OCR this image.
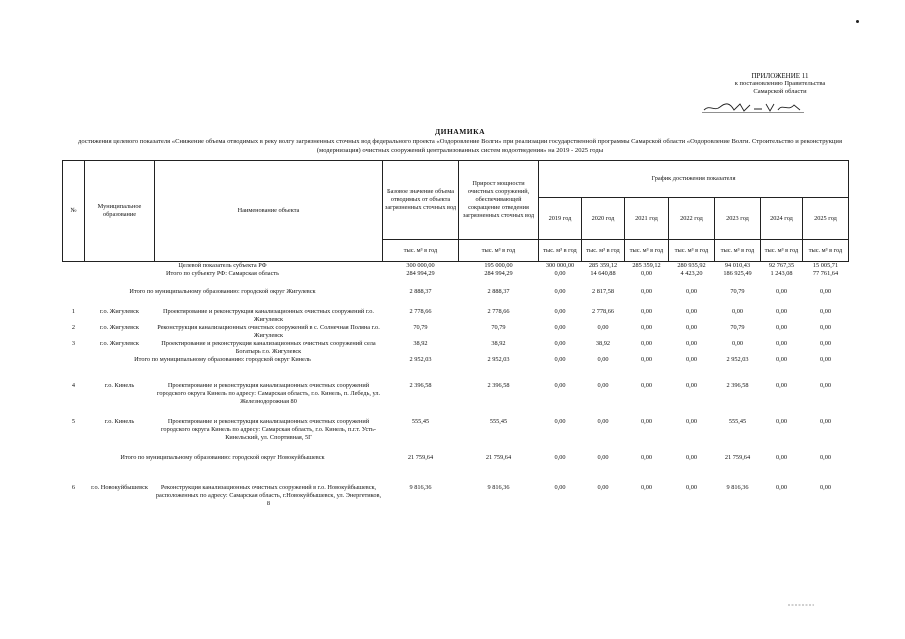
ПРИЛОЖЕНИЕ 11
к постановлению Правительства
Самарской области
ДИНАМИКА
достижения целевого показателя «Снижение объема отводимых в реку волгу загрязненных сточных вод федерального проекта «Оздоровление Волги» при реализации государственной программы Самарской области «Оздоровление Волги. Строительство и реконструкция (модернизация) очистных сооружений централизованных систем водоотведения» на 2019 - 2025 годы
№	Муниципальное образование	Наименование объекта	Базовое значение объема отводимых от объекта загрязненных сточных вод	Прирост мощности очистных сооружений, обеспечивающей сокращение отведения загрязненных сточных вод	График достижения показателя						
					2019 год	2020 год	2021 год	2022 год	2023 год	2024 год	2025 год
			тыс. м³ в год	тыс. м³ в год	тыс. м³ в год	тыс. м³ в год	тыс. м³ в год	тыс. м³ в год	тыс. м³ в год	тыс. м³ в год	тыс. м³ в год
Целевой показатель субъекта РФ			300 000,00	195 000,00	300 000,00	285 359,12	285 359,12	280 935,92	94 010,43	92 767,35	15 005,71
Итого по субъекту РФ: Самарская область			284 994,29	284 994,29	0,00	14 640,88	0,00	4 423,20	186 925,49	1 243,08	77 761,64
Итого по муниципальному образованию: городской округ Жигулевск			2 888,37	2 888,37	0,00	2 817,58	0,00	0,00	70,79	0,00	0,00
1	г.о. Жигулевск	Проектирование и реконструкция канализационных очистных сооружений г.о. Жигулевск	2 778,66	2 778,66	0,00	2 778,66	0,00	0,00	0,00	0,00	0,00
2	г.о. Жигулевск	Реконструкция канализационных очистных сооружений в с. Солнечная Поляна г.о. Жигулевск	70,79	70,79	0,00	0,00	0,00	0,00	70,79	0,00	0,00
3	г.о. Жигулевск	Проектирование и реконструкция канализационных очистных сооружений села Богатырь г.о. Жигулевск	38,92	38,92	0,00	38,92	0,00	0,00	0,00	0,00	0,00
Итого по муниципальному образованию: городской округ Кинель			2 952,03	2 952,03	0,00	0,00	0,00	0,00	2 952,03	0,00	0,00
4	г.о. Кинель	Проектирование и реконструкция канализационных очистных сооружений городского округа Кинель по адресу: Самарская область, г.о. Кинель, п. Лебедь, ул. Железнодорожная 80	2 396,58	2 396,58	0,00	0,00	0,00	0,00	2 396,58	0,00	0,00
5	г.о. Кинель	Проектирование и реконструкция канализационных очистных сооружений городского округа Кинель по адресу: Самарская область, г.о. Кинель, п.г.т. Усть-Кинельский, ул. Спортивная, 5Г	555,45	555,45	0,00	0,00	0,00	0,00	555,45	0,00	0,00
Итого по муниципальному образованию: городской округ Новокуйбышевск			21 759,64	21 759,64	0,00	0,00	0,00	0,00	21 759,64	0,00	0,00
6	г.о. Новокуйбышевск	Реконструкция канализационных очистных сооружений в г.о. Новокуйбышевск, расположенных по адресу: Самарская область, г.Новокуйбышевск, ул. Энергетиков, 8	9 816,36	9 816,36	0,00	0,00	0,00	0,00	9 816,36	0,00	0,00
